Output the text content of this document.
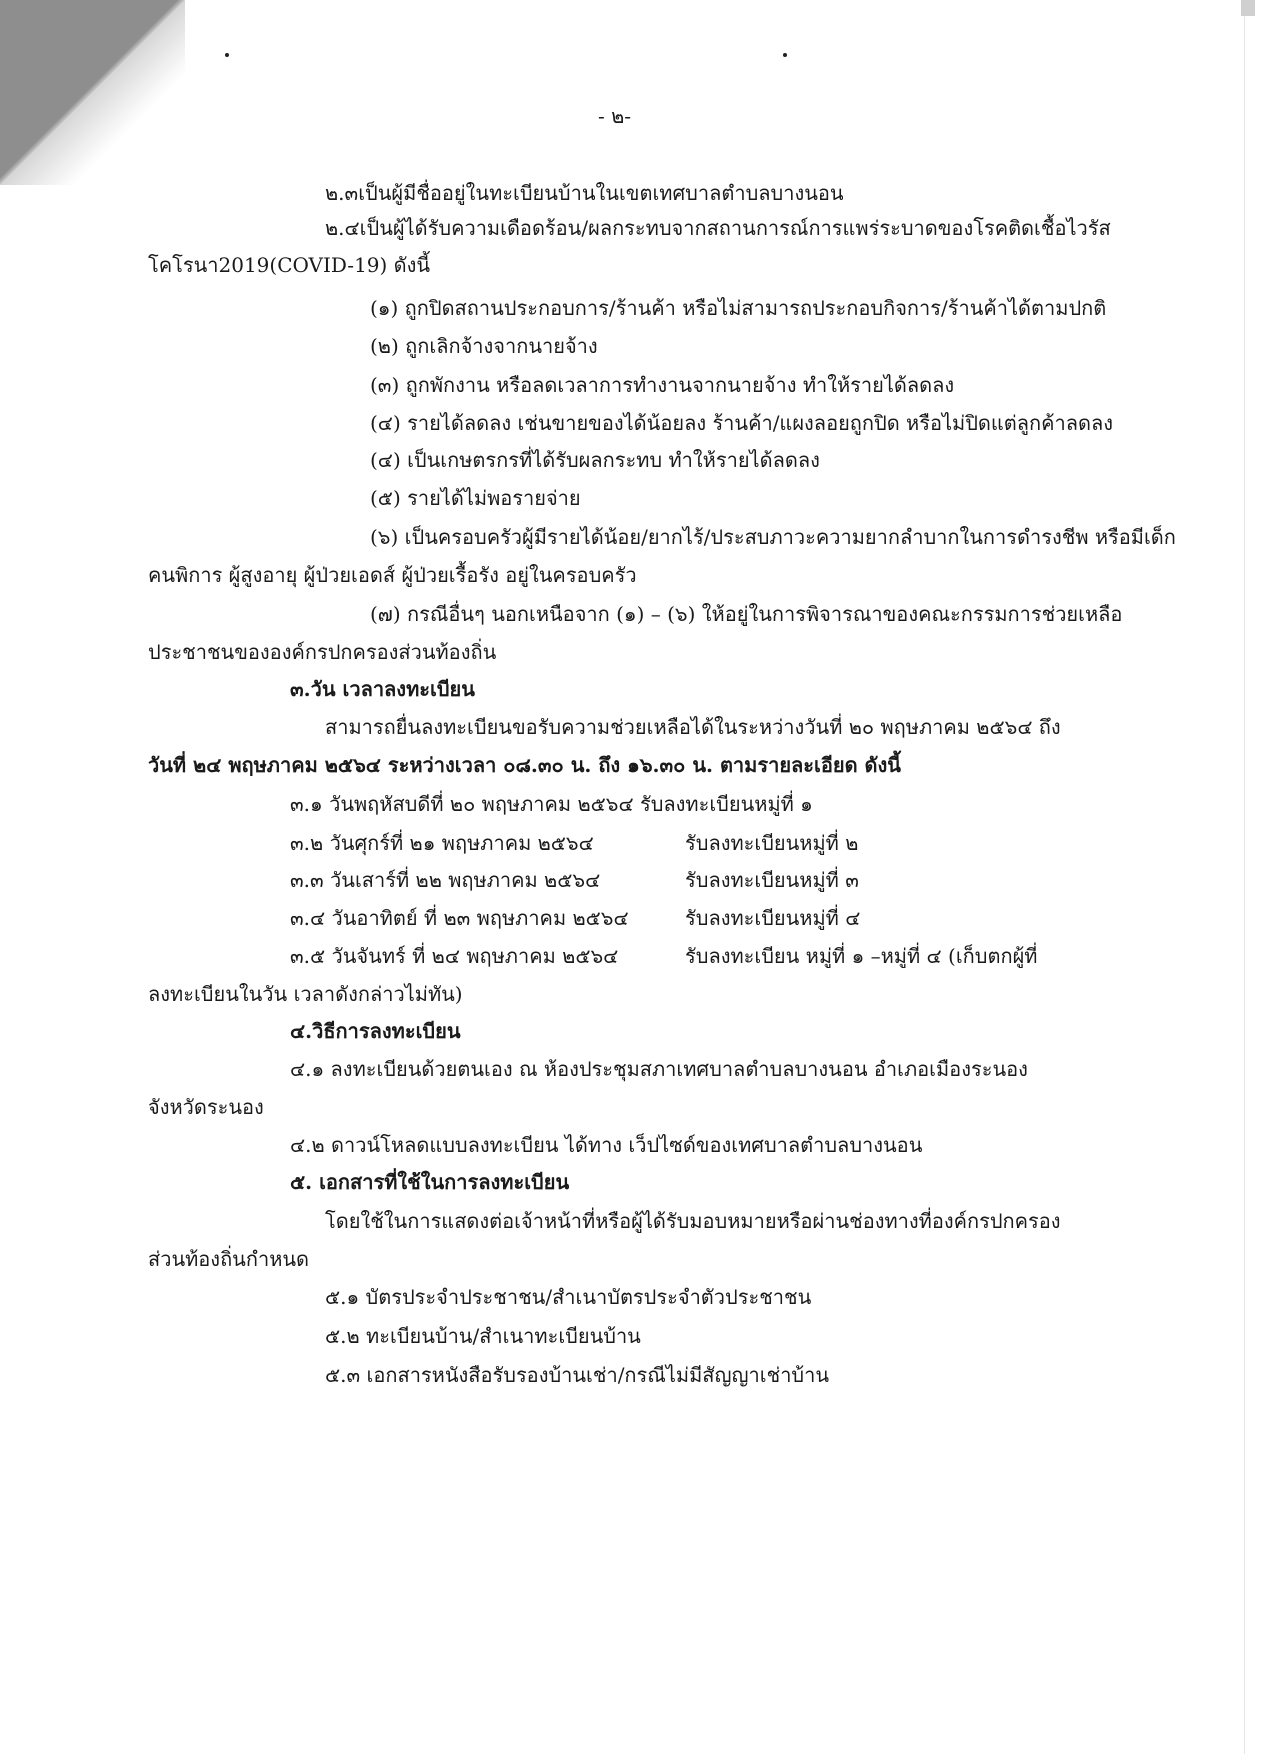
- ๒-
๒.๓เป็นผู้มีชื่ออยู่ในทะเบียนบ้านในเขตเทศบาลตำบลบางนอน
๒.๔เป็นผู้ได้รับความเดือดร้อน/ผลกระทบจากสถานการณ์การแพร่ระบาดของโรคติดเชื้อไวรัส
โคโรนา2019(COVID-19) ดังนี้
(๑) ถูกปิดสถานประกอบการ/ร้านค้า หรือไม่สามารถประกอบกิจการ/ร้านค้าได้ตามปกติ
(๒) ถูกเลิกจ้างจากนายจ้าง
(๓) ถูกพักงาน หรือลดเวลาการทำงานจากนายจ้าง ทำให้รายได้ลดลง
(๔) รายได้ลดลง เช่นขายของได้น้อยลง ร้านค้า/แผงลอยถูกปิด หรือไม่ปิดแต่ลูกค้าลดลง
(๔) เป็นเกษตรกรที่ได้รับผลกระทบ ทำให้รายได้ลดลง
(๕) รายได้ไม่พอรายจ่าย
(๖) เป็นครอบครัวผู้มีรายได้น้อย/ยากไร้/ประสบภาวะความยากลำบากในการดำรงชีพ หรือมีเด็ก
คนพิการ ผู้สูงอายุ ผู้ป่วยเอดส์ ผู้ป่วยเรื้อรัง อยู่ในครอบครัว
(๗) กรณีอื่นๆ นอกเหนือจาก (๑) – (๖) ให้อยู่ในการพิจารณาของคณะกรรมการช่วยเหลือ
ประชาชนขององค์กรปกครองส่วนท้องถิ่น
๓.วัน เวลาลงทะเบียน
สามารถยื่นลงทะเบียนขอรับความช่วยเหลือได้ในระหว่างวันที่ ๒๐ พฤษภาคม ๒๕๖๔ ถึง
วันที่ ๒๔ พฤษภาคม ๒๕๖๔ ระหว่างเวลา ๐๘.๓๐ น. ถึง ๑๖.๓๐ น. ตามรายละเอียด ดังนี้
๓.๑ วันพฤหัสบดีที่ ๒๐ พฤษภาคม ๒๕๖๔ รับลงทะเบียนหมู่ที่ ๑
๓.๒ วันศุกร์ที่ ๒๑ พฤษภาคม ๒๕๖๔	รับลงทะเบียนหมู่ที่ ๒
๓.๓ วันเสาร์ที่ ๒๒ พฤษภาคม ๒๕๖๔	รับลงทะเบียนหมู่ที่ ๓
๓.๔ วันอาทิตย์ ที่ ๒๓ พฤษภาคม ๒๕๖๔	รับลงทะเบียนหมู่ที่ ๔
๓.๕ วันจันทร์ ที่ ๒๔ พฤษภาคม ๒๕๖๔	รับลงทะเบียน หมู่ที่ ๑ –หมู่ที่ ๔ (เก็บตกผู้ที่
ลงทะเบียนในวัน เวลาดังกล่าวไม่ทัน)
๔.วิธีการลงทะเบียน
๔.๑ ลงทะเบียนด้วยตนเอง ณ ห้องประชุมสภาเทศบาลตำบลบางนอน อำเภอเมืองระนอง
จังหวัดระนอง
๔.๒ ดาวน์โหลดแบบลงทะเบียน ได้ทาง เว็ปไซด์ของเทศบาลตำบลบางนอน
๕. เอกสารที่ใช้ในการลงทะเบียน
โดยใช้ในการแสดงต่อเจ้าหน้าที่หรือผู้ได้รับมอบหมายหรือผ่านช่องทางที่องค์กรปกครอง
ส่วนท้องถิ่นกำหนด
๕.๑ บัตรประจำประชาชน/สำเนาบัตรประจำตัวประชาชน
๕.๒ ทะเบียนบ้าน/สำเนาทะเบียนบ้าน
๕.๓ เอกสารหนังสือรับรองบ้านเช่า/กรณีไม่มีสัญญาเช่าบ้าน
